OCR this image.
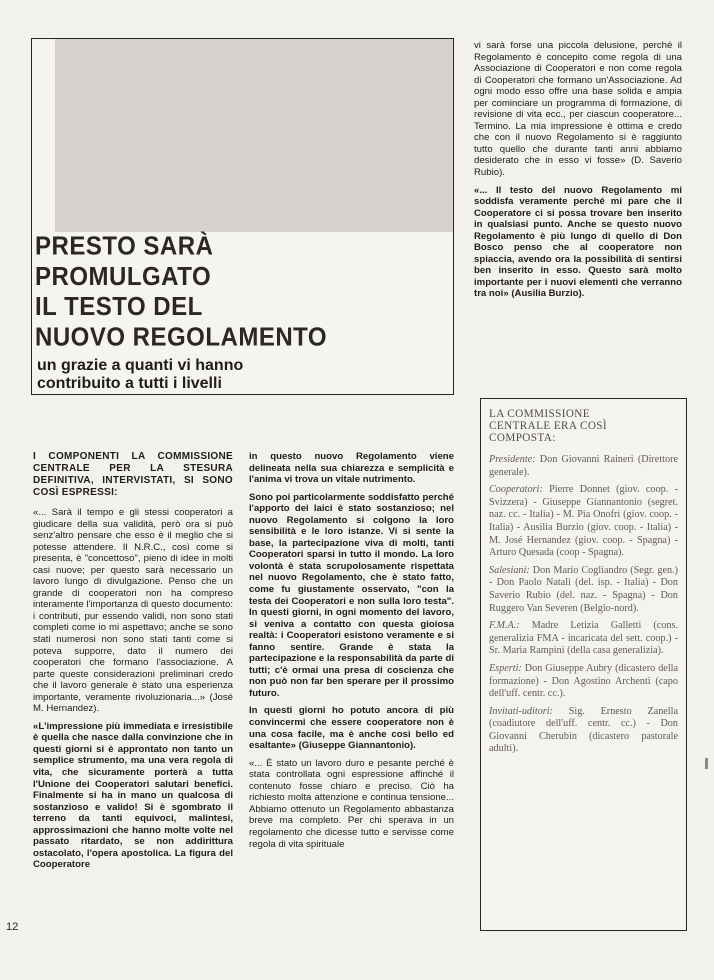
PRESTO SARÀ
PROMULGATO
IL TESTO DEL
NUOVO REGOLAMENTO
un grazie a quanti vi hanno
contribuito a tutti i livelli

vi sarà forse una piccola delusione, perché il Regolamento è concepito come regola di una Associazione di Cooperatori e non come regola di Cooperatori che formano un'Associazione. Ad ogni modo esso offre una base solida e ampia per cominciare un programma di formazione, di revisione di vita ecc., per ciascun cooperatore... Termino. La mia impressione è ottima e credo che con il nuovo Regolamento si è raggiunto tutto quello che durante tanti anni abbiamo desiderato che in esso vi fosse» (D. Saverio Rubio).

«... Il testo del nuovo Regolamento mi soddisfa veramente perché mi pare che il Cooperatore ci si possa trovare ben inserito in qualsiasi punto. Anche se questo nuovo Regolamento è più lungo di quello di Don Bosco penso che al cooperatore non spiaccia, avendo ora la possibilità di sentirsi ben inserito in esso. Questo sarà molto importante per i nuovi elementi che verranno tra noi» (Ausilia Burzio).

I COMPONENTI LA COMMISSIONE CENTRALE PER LA STESURA DEFINITIVA, INTERVISTATI, SI SONO COSÌ ESPRESSI:

«... Sarà il tempo e gli stessi cooperatori a giudicare della sua validità, però ora si può senz'altro pensare che esso è il meglio che si potesse attendere. Il N.R.C., così come si presenta, è "concettoso", pieno di idee in molti casi nuove; per questo sarà necessario un lavoro lungo di divulgazione. Penso che un grande di cooperatori non ha compreso interamente l'importanza di questo documento: i contributi, pur essendo validi, non sono stati completi come io mi aspettavo; anche se sono stati numerosi non sono stati tanti come si poteva supporre, dato il numero dei cooperatori che formano l'associazione. A parte queste considerazioni preliminari credo che il lavoro generale è stato una esperienza importante, veramente rivoluzionaria...» (José M. Hernandez).

«L'impressione più immediata e irresistibile è quella che nasce dalla convinzione che in questi giorni si è approntato non tanto un semplice strumento, ma una vera regola di vita, che sicuramente porterà a tutta l'Unione dei Cooperatori salutari benefici. Finalmente si ha in mano un qualcosa di sostanzioso e valido! Si è sgombrato il terreno da tanti equivoci, malintesi, approssimazioni che hanno molte volte nel passato ritardato, se non addirittura ostacolato, l'opera apostolica. La figura del Cooperatore

in questo nuovo Regolamento viene delineata nella sua chiarezza e semplicità e l'anima vi trova un vitale nutrimento.

Sono poi particolarmente soddisfatto perché l'apporto dei laici è stato sostanzioso; nel nuovo Regolamento si colgono la loro sensibilità e le loro istanze. Vi si sente la base, la partecipazione viva di molti, tanti Cooperatori sparsi in tutto il mondo. La loro volontà è stata scrupolosamente rispettata nel nuovo Regolamento, che è stato fatto, come fu giustamente osservato, "con la testa dei Cooperatori e non sulla loro testa". In questi giorni, in ogni momento del lavoro, si veniva a contatto con questa gioiosa realtà: i Cooperatori esistono veramente e si fanno sentire. Grande è stata la partecipazione e la responsabilità da parte di tutti; c'è ormai una presa di coscienza che non può non far ben sperare per il prossimo futuro.

In questi giorni ho potuto ancora di più convincermi che essere cooperatore non è una cosa facile, ma è anche così bello ed esaltante» (Giuseppe Giannantonio).

«... È stato un lavoro duro e pesante perché è stata controllata ogni espressione affinché il contenuto fosse chiaro e preciso. Ciò ha richiesto molta attenzione e continua tensione... Abbiamo ottenuto un Regolamento abbastanza breve ma completo. Per chi sperava in un regolamento che dicesse tutto e servisse come regola di vita spirituale

LA COMMISSIONE
CENTRALE ERA COSÌ
COMPOSTA:

Presidente: Don Giovanni Raineri (Direttore generale).

Cooperatori: Pierre Donnet (giov. coop. - Svizzera) - Giuseppe Giannantonio (segret. naz. cc. - Italia) - M. Pia Onofri (giov. coop. - Italia) - Ausilia Burzio (giov. coop. - Italia) - M. José Hernandez (giov. coop. - Spagna) - Arturo Quesada (coop - Spagna).

Salesiani: Don Mario Cogliandro (Segr. gen.) - Don Paolo Natali (del. isp. - Italia) - Don Saverio Rubio (del. naz. - Spagna) - Don Ruggero Van Severen (Belgio-nord).

F.M.A.: Madre Letizia Galletti (cons. generalizia FMA - incaricata del sett. coop.) - Sr. Maria Rampini (della casa generalizia).

Esperti: Don Giuseppe Aubry (dicastero della formazione) - Don Agostino Archenti (capo dell'uff. centr. cc.).

Invitati-uditori: Sig. Ernesto Zanella (coadiutore dell'uff. centr. cc.) - Don Giovanni Cherubin (dicastero pastorale adulti).

12
